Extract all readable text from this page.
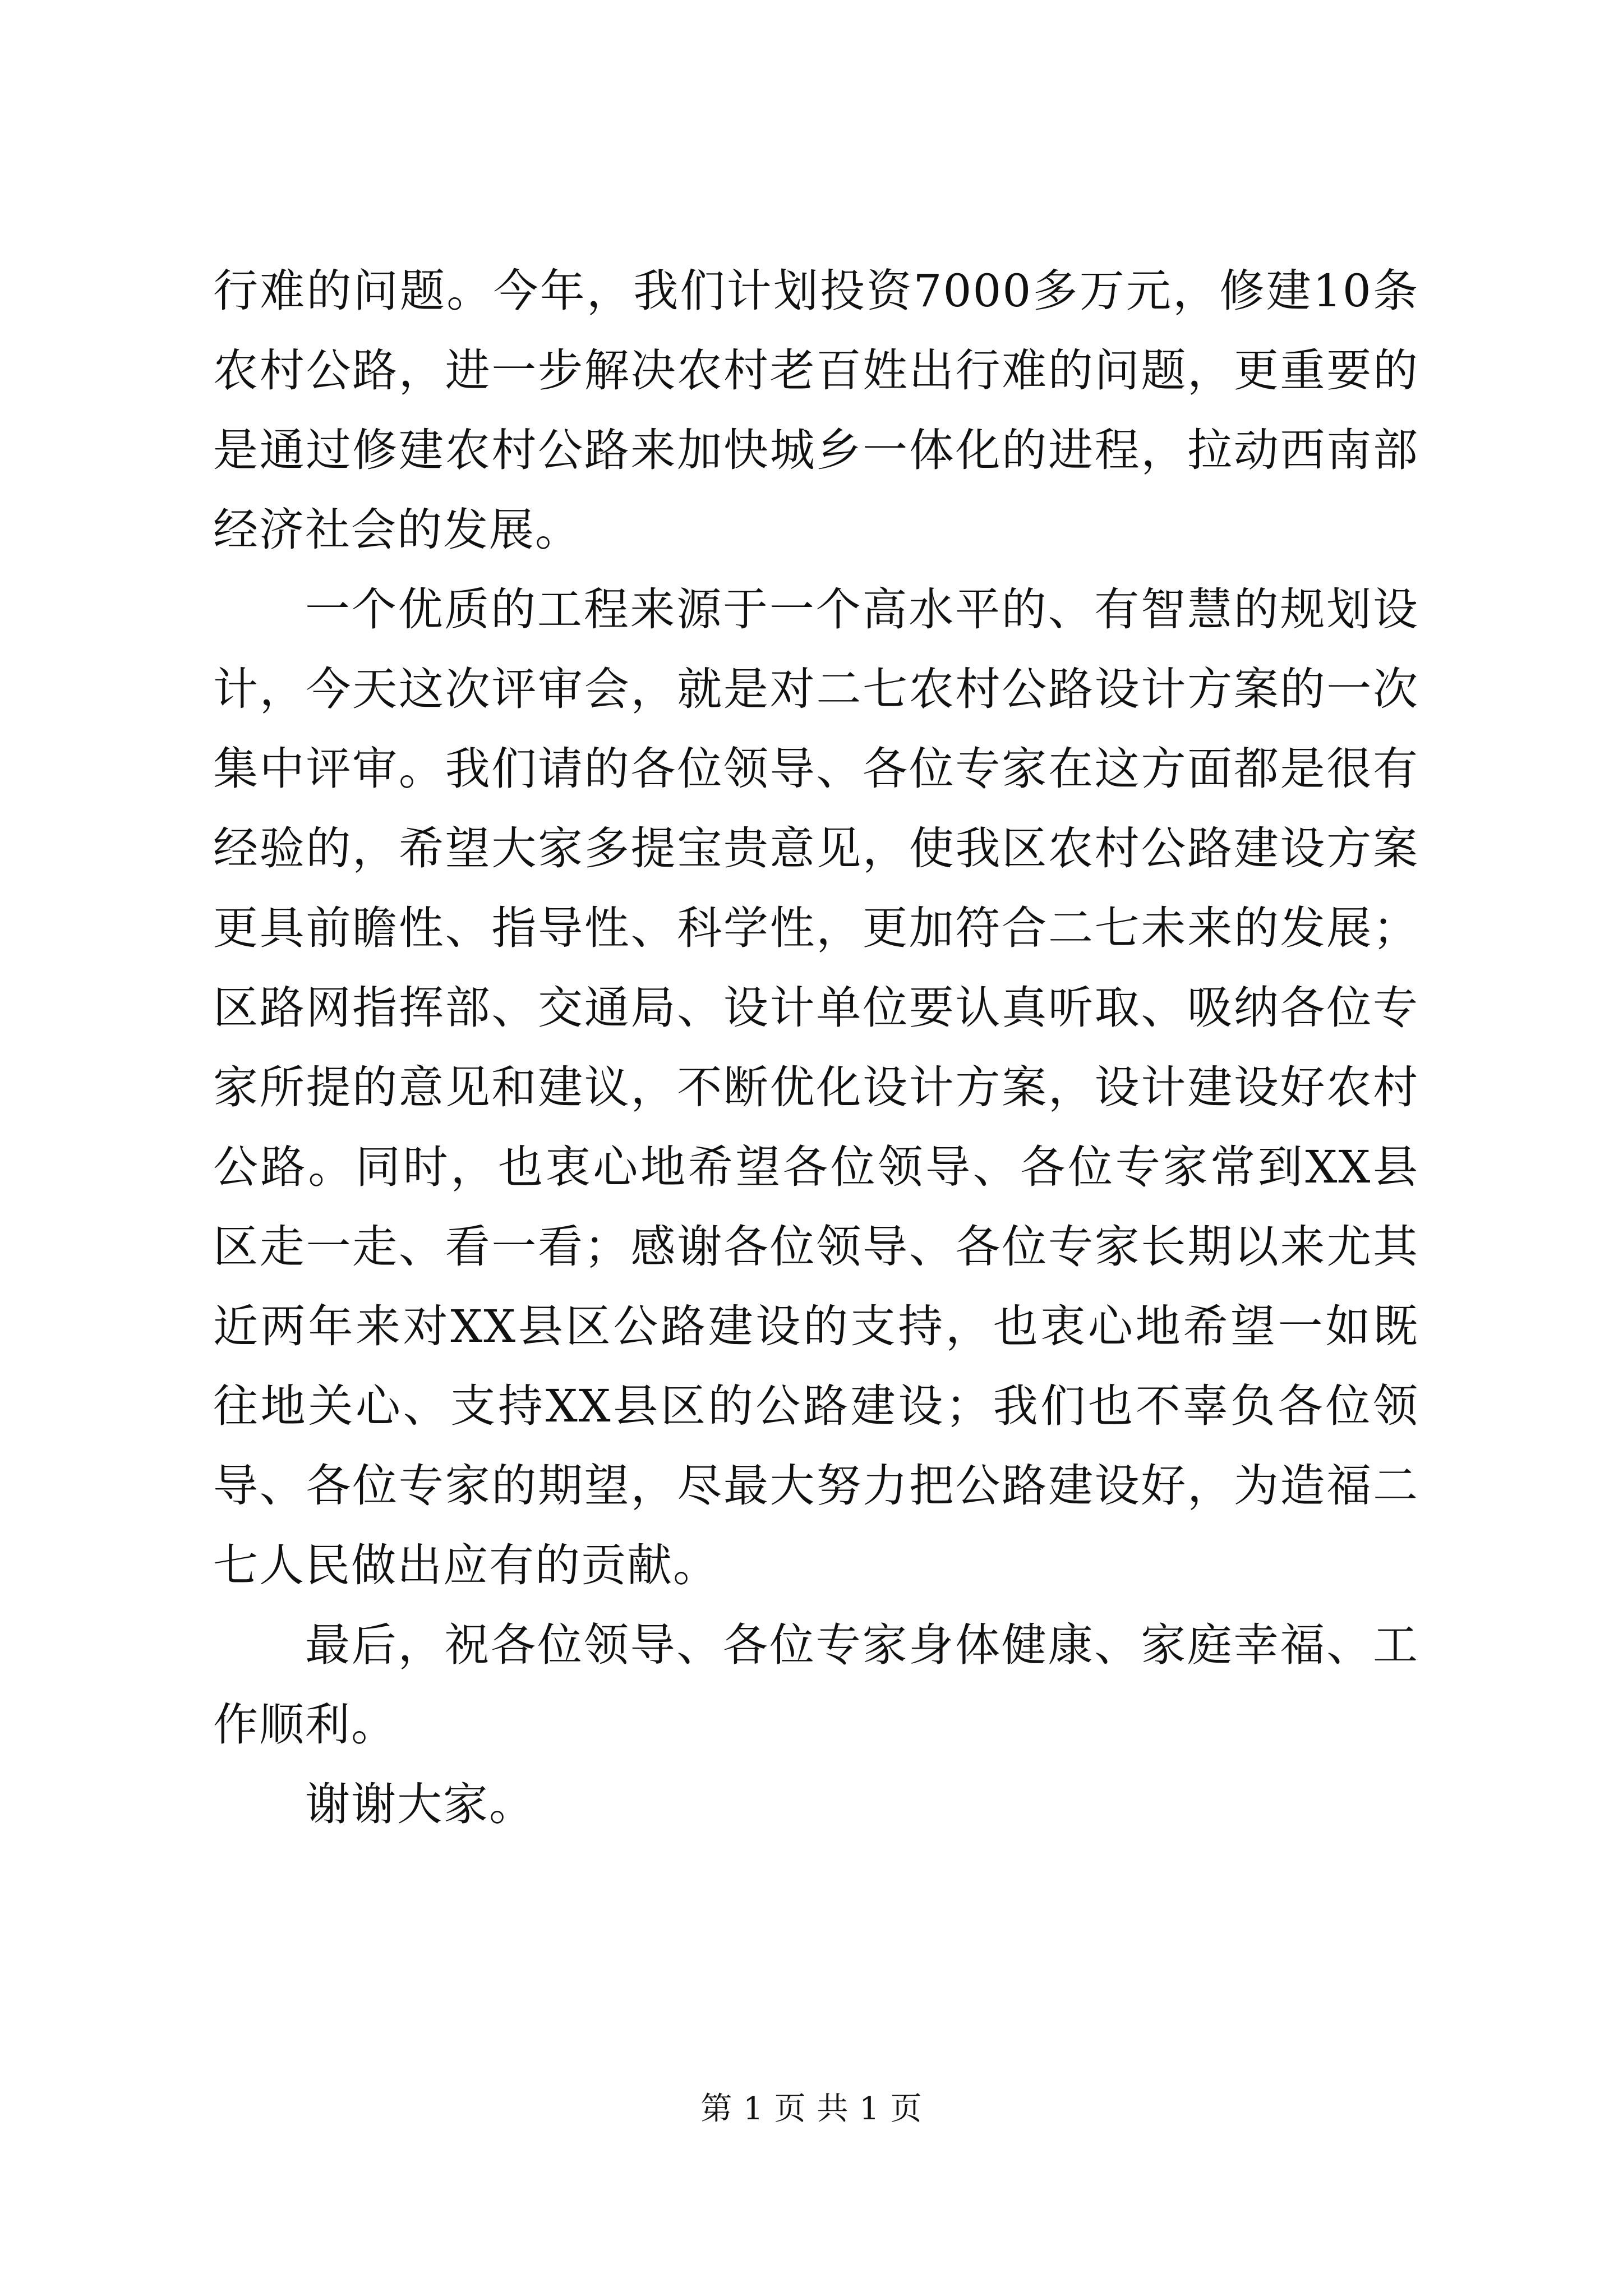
行难的问题。今年，我们计划投资7000多万元，修建10条农村公路，进一步解决农村老百姓出行难的问题，更重要的是通过修建农村公路来加快城乡一体化的进程，拉动西南部经济社会的发展。

一个优质的工程来源于一个高水平的、有智慧的规划设计，今天这次评审会，就是对二七农村公路设计方案的一次集中评审。我们请的各位领导、各位专家在这方面都是很有经验的，希望大家多提宝贵意见，使我区农村公路建设方案更具前瞻性、指导性、科学性，更加符合二七未来的发展；区路网指挥部、交通局、设计单位要认真听取、吸纳各位专家所提的意见和建议，不断优化设计方案，设计建设好农村公路。同时，也衷心地希望各位领导、各位专家常到XX县区走一走、看一看；感谢各位领导、各位专家长期以来尤其近两年来对XX县区公路建设的支持，也衷心地希望一如既往地关心、支持XX县区的公路建设；我们也不辜负各位领导、各位专家的期望，尽最大努力把公路建设好，为造福二七人民做出应有的贡献。

最后，祝各位领导、各位专家身体健康、家庭幸福、工作顺利。

谢谢大家。

第 1 页 共 1 页
